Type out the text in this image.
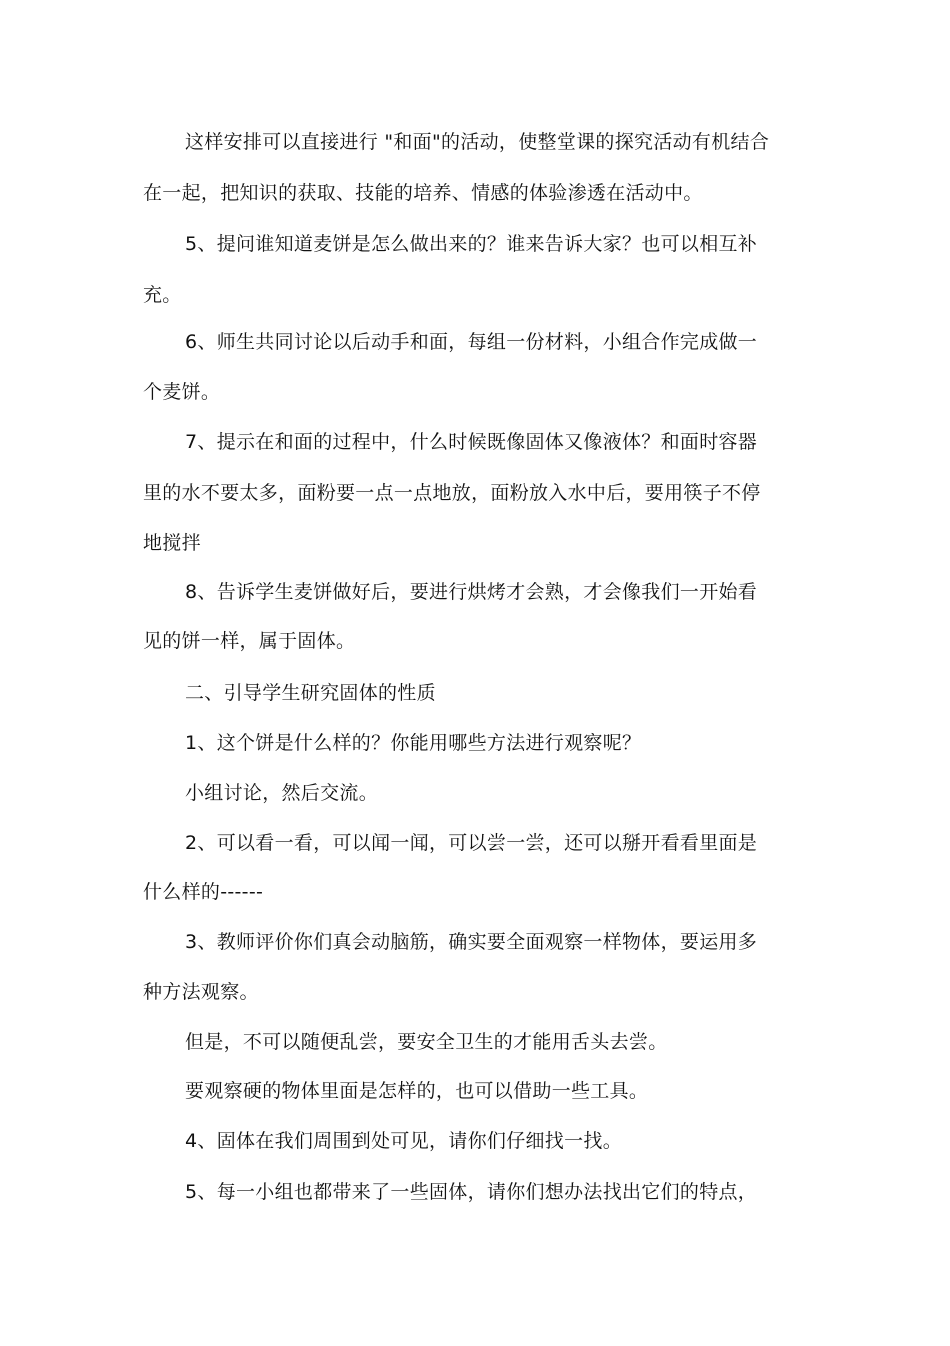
这样安排可以直接进行 "和面"的活动，使整堂课的探究活动有机结合
在一起，把知识的获取、技能的培养、情感的体验渗透在活动中。
5、提问谁知道麦饼是怎么做出来的？谁来告诉大家？也可以相互补
充。
6、师生共同讨论以后动手和面，每组一份材料，小组合作完成做一
个麦饼。
7、提示在和面的过程中，什么时候既像固体又像液体？和面时容器
里的水不要太多，面粉要一点一点地放，面粉放入水中后，要用筷子不停
地搅拌
8、告诉学生麦饼做好后，要进行烘烤才会熟，才会像我们一开始看
见的饼一样，属于固体。
二、引导学生研究固体的性质
1、这个饼是什么样的？你能用哪些方法进行观察呢？
小组讨论，然后交流。
2、可以看一看，可以闻一闻，可以尝一尝，还可以掰开看看里面是
什么样的------
3、教师评价你们真会动脑筋，确实要全面观察一样物体，要运用多
种方法观察。
但是，不可以随便乱尝，要安全卫生的才能用舌头去尝。
要观察硬的物体里面是怎样的，也可以借助一些工具。
4、固体在我们周围到处可见，请你们仔细找一找。
5、每一小组也都带来了一些固体，请你们想办法找出它们的特点，
